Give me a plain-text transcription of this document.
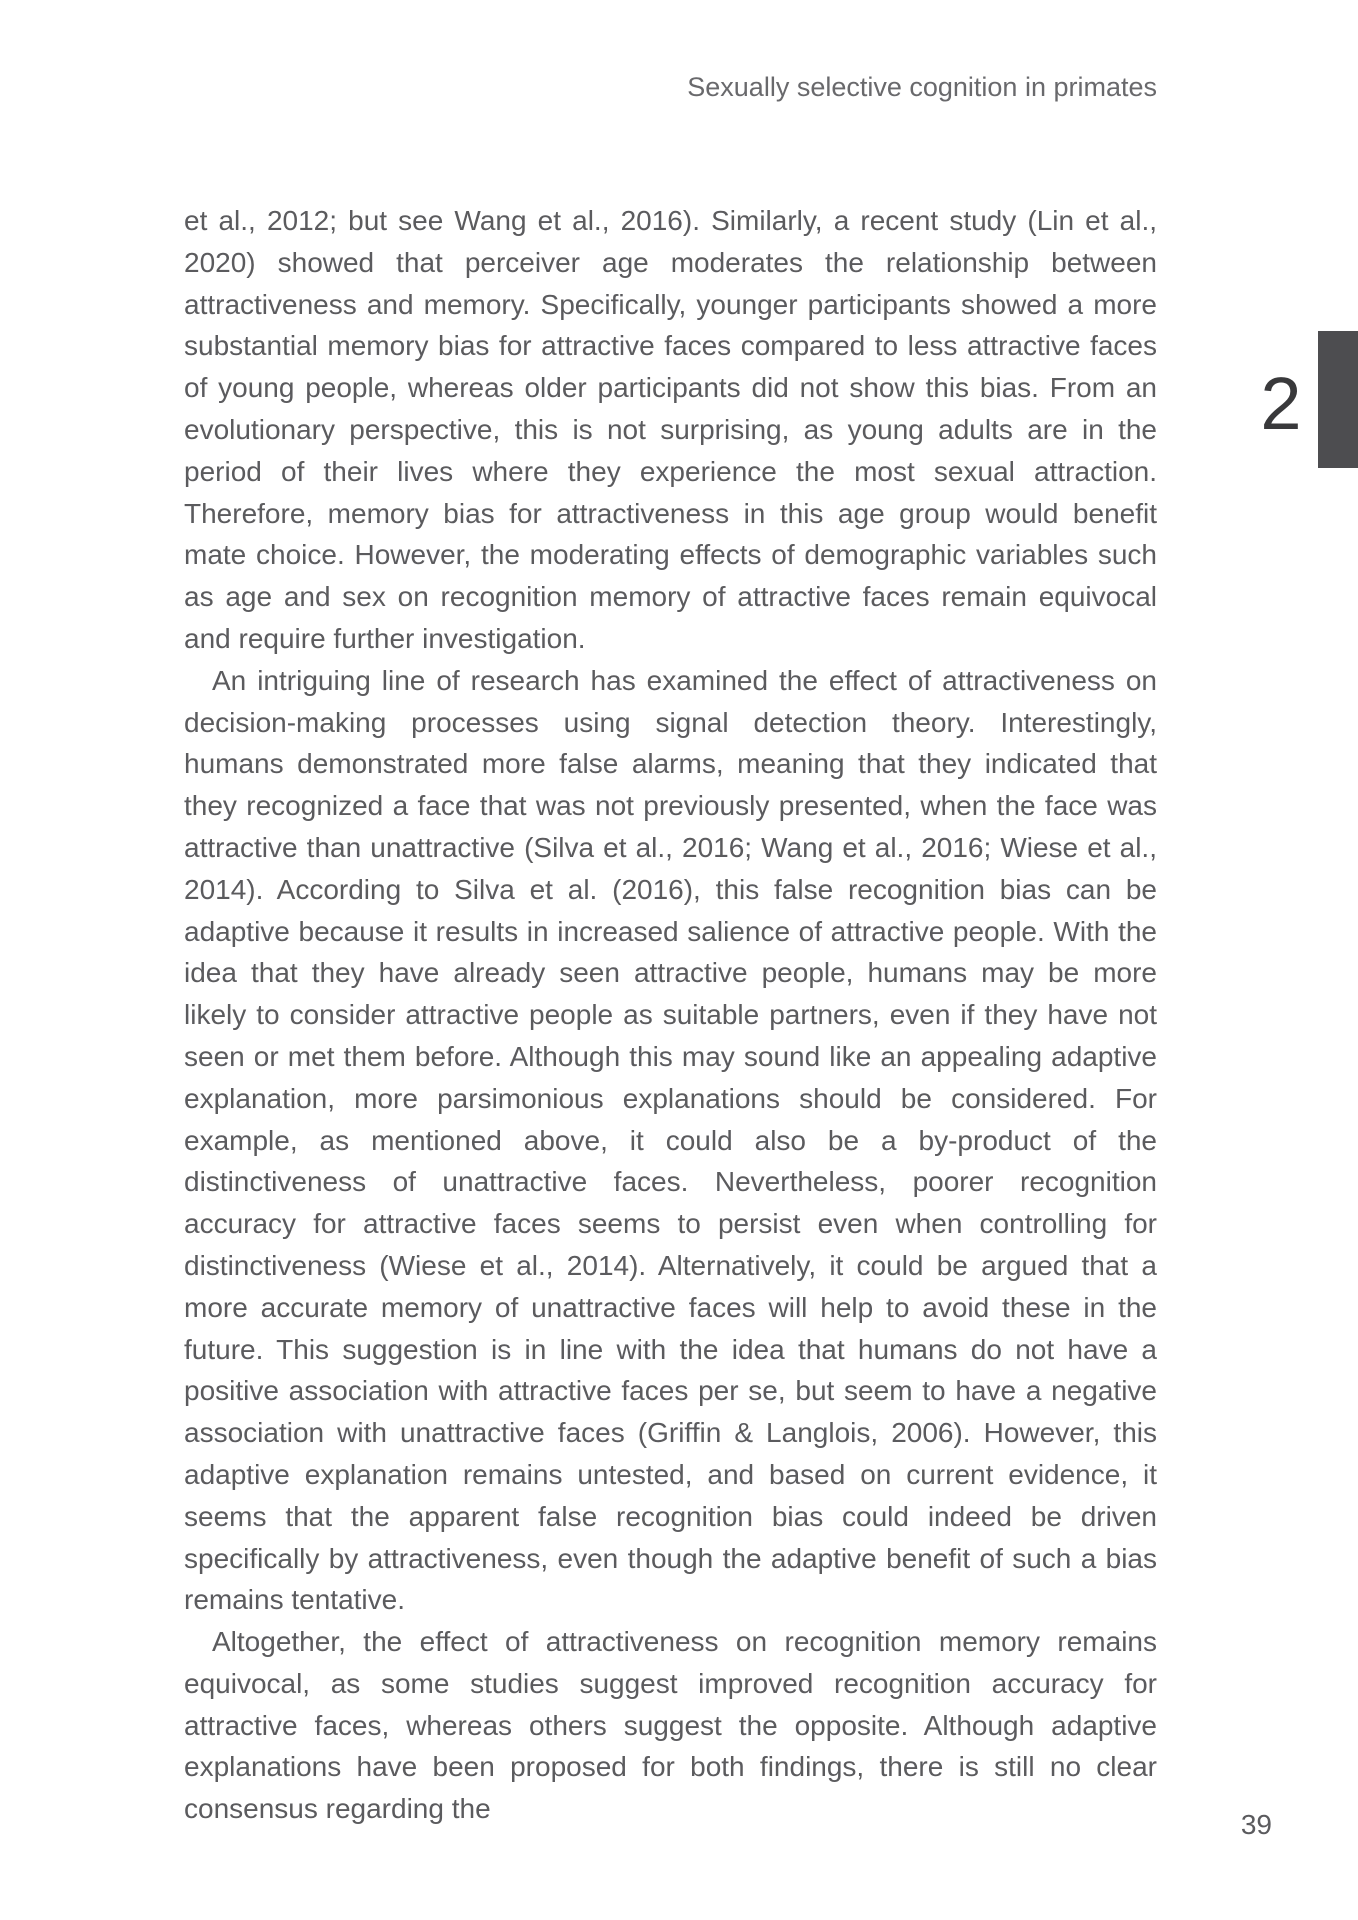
Sexually selective cognition in primates
2

et al., 2012; but see Wang et al., 2016). Similarly, a recent study (Lin et al., 2020) showed that perceiver age moderates the relationship between attractiveness and memory. Specifically, younger participants showed a more substantial memory bias for attractive faces compared to less attractive faces of young people, whereas older participants did not show this bias. From an evolutionary perspective, this is not surprising, as young adults are in the period of their lives where they experience the most sexual attraction. Therefore, memory bias for attractiveness in this age group would benefit mate choice. However, the moderating effects of demographic variables such as age and sex on recognition memory of attractive faces remain equivocal and require further investigation.

An intriguing line of research has examined the effect of attractiveness on decision-making processes using signal detection theory. Interestingly, humans demonstrated more false alarms, meaning that they indicated that they recognized a face that was not previously presented, when the face was attractive than unattractive (Silva et al., 2016; Wang et al., 2016; Wiese et al., 2014). According to Silva et al. (2016), this false recognition bias can be adaptive because it results in increased salience of attractive people. With the idea that they have already seen attractive people, humans may be more likely to consider attractive people as suitable partners, even if they have not seen or met them before. Although this may sound like an appealing adaptive explanation, more parsimonious explanations should be considered. For example, as mentioned above, it could also be a by-product of the distinctiveness of unattractive faces. Nevertheless, poorer recognition accuracy for attractive faces seems to persist even when controlling for distinctiveness (Wiese et al., 2014). Alternatively, it could be argued that a more accurate memory of unattractive faces will help to avoid these in the future. This suggestion is in line with the idea that humans do not have a positive association with attractive faces per se, but seem to have a negative association with unattractive faces (Griffin & Langlois, 2006). However, this adaptive explanation remains untested, and based on current evidence, it seems that the apparent false recognition bias could indeed be driven specifically by attractiveness, even though the adaptive benefit of such a bias remains tentative.

Altogether, the effect of attractiveness on recognition memory remains equivocal, as some studies suggest improved recognition accuracy for attractive faces, whereas others suggest the opposite. Although adaptive explanations have been proposed for both findings, there is still no clear consensus regarding the

39
